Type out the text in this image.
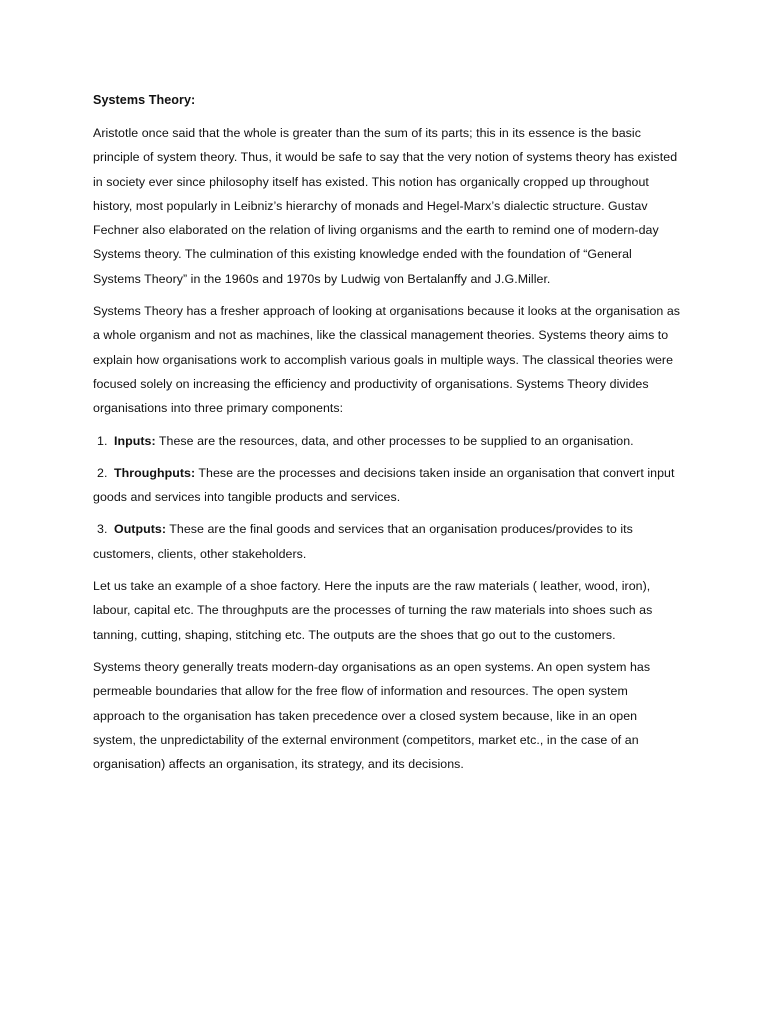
Systems Theory:

Aristotle once said that the whole is greater than the sum of its parts; this in its essence is the basic principle of system theory. Thus, it would be safe to say that the very notion of systems theory has existed in society ever since philosophy itself has existed. This notion has organically cropped up throughout history, most popularly in Leibniz’s hierarchy of monads and Hegel-Marx’s dialectic structure. Gustav Fechner also elaborated on the relation of living organisms and the earth to remind one of modern-day Systems theory. The culmination of this existing knowledge ended with the foundation of “General Systems Theory” in the 1960s and 1970s by Ludwig von Bertalanffy and J.G.Miller.

Systems Theory has a fresher approach of looking at organisations because it looks at the organisation as a whole organism and not as machines, like the classical management theories. Systems theory aims to explain how organisations work to accomplish various goals in multiple ways. The classical theories were focused solely on increasing the efficiency and productivity of organisations. Systems Theory divides organisations into three primary components:

1. Inputs: These are the resources, data, and other processes to be supplied to an organisation.

2. Throughputs: These are the processes and decisions taken inside an organisation that convert input goods and services into tangible products and services.

3. Outputs: These are the final goods and services that an organisation produces/provides to its customers, clients, other stakeholders.

Let us take an example of a shoe factory. Here the inputs are the raw materials ( leather, wood, iron), labour, capital etc. The throughputs are the processes of turning the raw materials into shoes such as tanning, cutting, shaping, stitching etc. The outputs are the shoes that go out to the customers.

Systems theory generally treats modern-day organisations as an open systems. An open system has permeable boundaries that allow for the free flow of information and resources. The open system approach to the organisation has taken precedence over a closed system because, like in an open system, the unpredictability of the external environment (competitors, market etc., in the case of an organisation) affects an organisation, its strategy, and its decisions.
